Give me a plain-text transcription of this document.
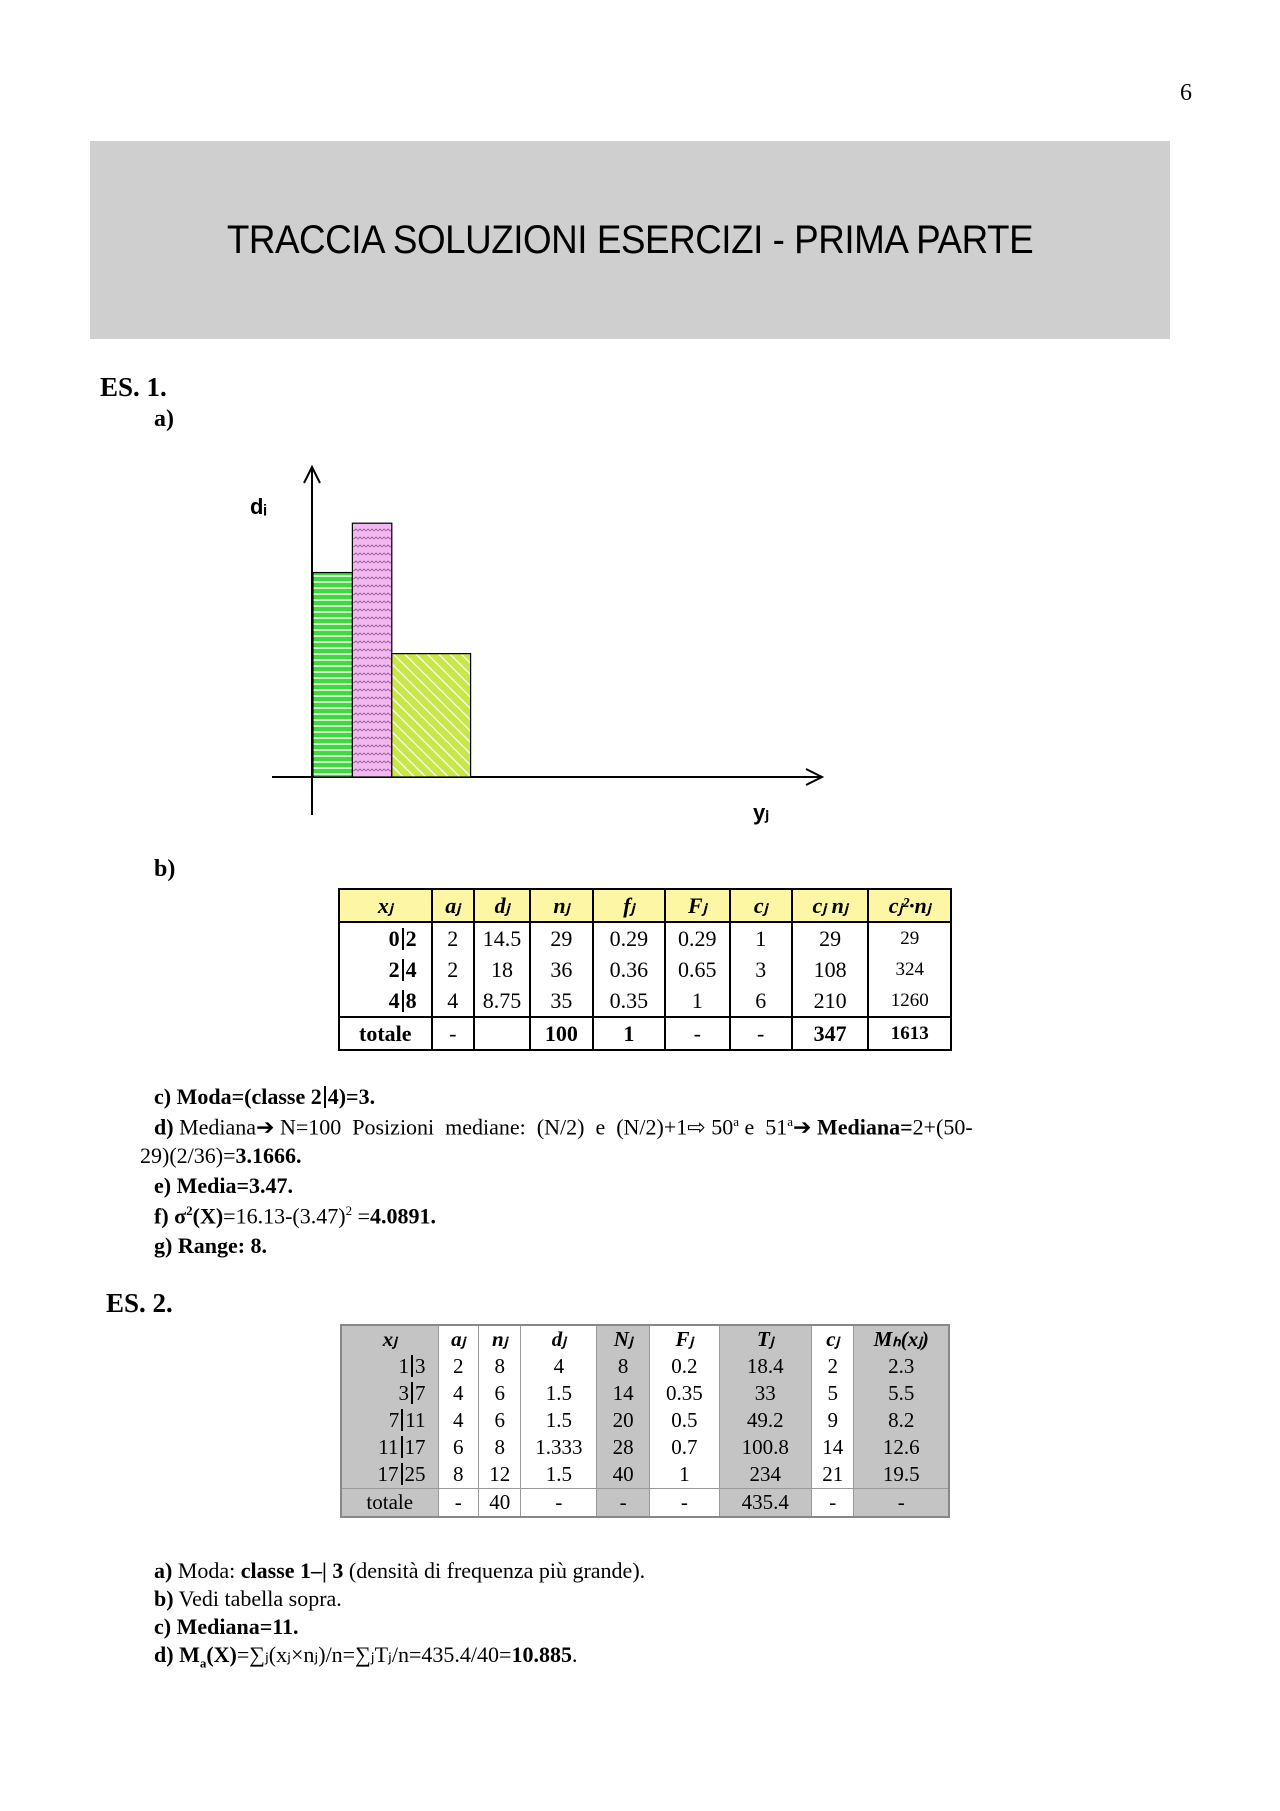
6
TRACCIA SOLUZIONI ESERCIZI - PRIMA PARTE
ES. 1.
a)
dᵢ
yⱼ
b)
xⱼ	aⱼ	dⱼ	nⱼ	fⱼ	Fⱼ	cⱼ	cⱼ nⱼ	cⱼ²·nⱼ
0 2	2	14.5	29	0.29	0.29	1	29	29
2 4	2	18	36	0.36	0.65	3	108	324
4 8	4	8.75	35	0.35	1	6	210	1260
totale	-		100	1	-	-	347	1613
c) Moda=(classe 2 4)=3.
d) Mediana➔ N=100  Posizioni  mediane:  (N/2)  e  (N/2)+1⇨ 50$^a$ e  51$^a$➔ Mediana=2+(50-
29)(2/36)=3.1666.
e) Media=3.47.
f) $\sigma^2(X)=16.13-(3.47)^2 =4.0891$.
g) Range: 8.
ES. 2.
xⱼ	aⱼ	nⱼ	dⱼ	Nⱼ	Fⱼ	Tⱼ	cⱼ	Mₕ(xⱼ)
1 3	2	8	4	8	0.2	18.4	2	2.3
3 7	4	6	1.5	14	0.35	33	5	5.5
7 11	4	6	1.5	20	0.5	49.2	9	8.2
11 17	6	8	1.333	28	0.7	100.8	14	12.6
17 25	8	12	1.5	40	1	234	21	19.5
totale	-	40	-	-	-	435.4	-	-
a) Moda: classe 1–| 3 (densità di frequenza più grande).
b) Vedi tabella sopra.
c) Mediana=11.
d) $M_a(X)=\sum ⱼ(xⱼ\times nⱼ)/n=\sum ⱼTⱼ/n=435.4/40=10.885$.
